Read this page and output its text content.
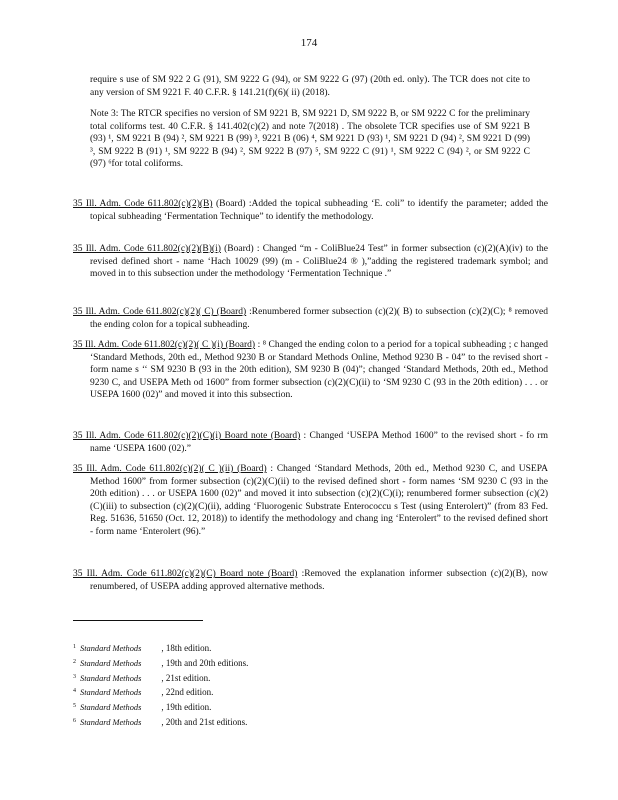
174

require s use of SM 922 2 G (91), SM 9222 G (94), or SM 9222 G (97) (20th ed. only). The TCR does not cite to any version of SM 9221 F. 40 C.F.R. § 141.21(f)(6)( ii) (2018).

Note 3: The RTCR specifies no version of SM 9221 B, SM 9221 D, SM 9222 B, or SM 9222 C for the preliminary total coliforms test. 40 C.F.R. § 141.402(c)(2) and note 7(2018) . The obsolete TCR specifies use of SM 9221 B (93) ¹, SM 9221 B (94) ², SM 9221 B (99) ³, 9221 B (06) ⁴, SM 9221 D (93) ¹, SM 9221 D (94) ², SM 9221 D (99) ³, SM 9222 B (91) ¹, SM 9222 B (94) ², SM 9222 B (97) ⁵, SM 9222 C (91) ¹, SM 9222 C (94) ², or SM 9222 C (97) ⁶for total coliforms.

35 Ill. Adm. Code 611.802(c)(2)(B) (Board) :Added the topical subheading ‘E. coli” to identify the parameter; added the topical subheading ‘Fermentation Technique” to identify the methodology.
35 Ill. Adm. Code 611.802(c)(2)(B)(i) (Board) : Changed “m - ColiBlue24 Test” in former subsection (c)(2)(A)(iv) to the revised defined short - name ‘Hach 10029 (99) (m - ColiBlue24 ® ),”adding the registered trademark symbol; and moved in to this subsection under the methodology ‘Fermentation Technique .”
35 Ill. Adm. Code 611.802(c)(2)( C) (Board) :Renumbered former subsection (c)(2)( B) to subsection (c)(2)(C); ⁸ removed the ending colon for a topical subheading.
35 Ill. Adm. Code 611.802(c)(2)( C )(i) (Board) : ⁸ Changed the ending colon to a period for a topical subheading ; c hanged ‘Standard Methods, 20th ed., Method 9230 B or Standard Methods Online, Method 9230 B - 04” to the revised short -form name s ‘‘ SM 9230 B (93 in the 20th edition), SM 9230 B (04)”; changed ‘Standard Methods, 20th ed., Method 9230 C, and USEPA Meth od 1600” from former subsection (c)(2)(C)(ii) to ‘SM 9230 C (93 in the 20th edition) . . . or USEPA 1600 (02)” and moved it into this subsection.
35 Ill. Adm. Code 611.802(c)(2)(C)(i) Board note (Board) : Changed ‘USEPA Method 1600” to the revised short - fo rm name ‘USEPA 1600 (02).”
35 Ill. Adm. Code 611.802(c)(2)( C )(ii) (Board) : Changed ‘Standard Methods, 20th ed., Method 9230 C, and USEPA Method 1600” from former subsection (c)(2)(C)(ii) to the revised defined short - form names ‘SM 9230 C (93 in the 20th edition) . . . or USEPA 1600 (02)” and moved it into subsection (c)(2)(C)(i); renumbered former subsection (c)(2)(C)(iii) to subsection (c)(2)(C)(ii), adding ‘Fluorogenic Substrate Enterococcu s Test (using Enterolert)” (from 83 Fed. Reg. 51636, 51650 (Oct. 12, 2018)) to identify the methodology and chang ing ‘Enterolert” to the revised defined short - form name ‘Enterolert (96).”
35 Ill. Adm. Code 611.802(c)(2)(C) Board note (Board) :Removed the explanation informer subsection (c)(2)(B), now renumbered, of USEPA adding approved alternative methods.
$^1$ Standard Methods , 18th edition.
$^2$ Standard Methods , 19th and 20th editions.
$^3$ Standard Methods , 21st edition.
$^4$ Standard Methods , 22nd edition.
$^5$ Standard Methods , 19th edition.
$^6$ Standard Methods , 20th and 21st editions.
